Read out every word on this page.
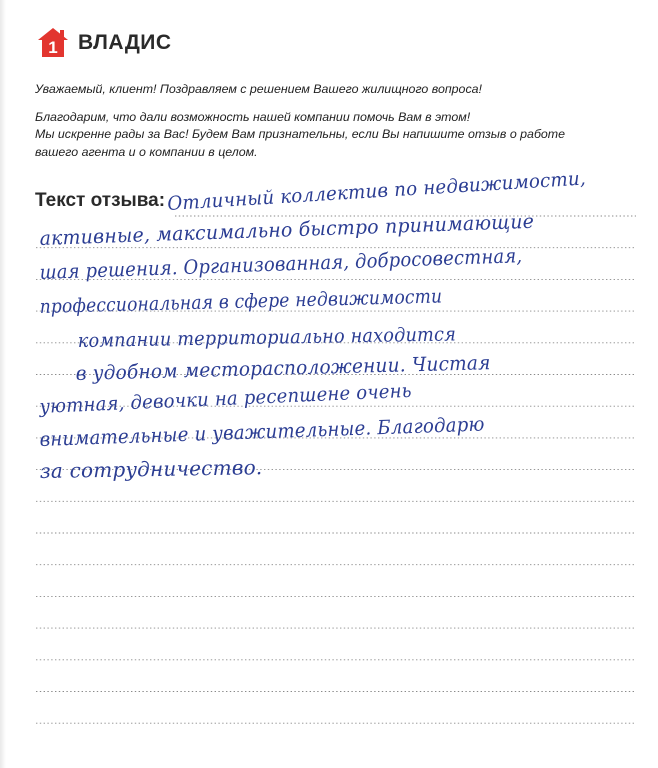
1 ВЛАДИС

Уважаемый, клиент! Поздравляем с решением Вашего жилищного вопроса!

Благодарим, что дали возможность нашей компании помочь Вам в этом!

Мы искренне рады за Вас! Будем Вам признательны, если Вы напишите отзыв о работе

вашего агента и о компании в целом.

Текст отзыва: Отличный коллектив по недвижимости,
активные, максимально быстро принимающие
шая решения. Организованная, добросовестная,
профессиональная в сфере недвижимости
компании территориально находится
в удобном месторасположении. Чистая
уютная, девочки на ресепшене очень
внимательные и уважительные. Благодарю
за сотрудничество.
